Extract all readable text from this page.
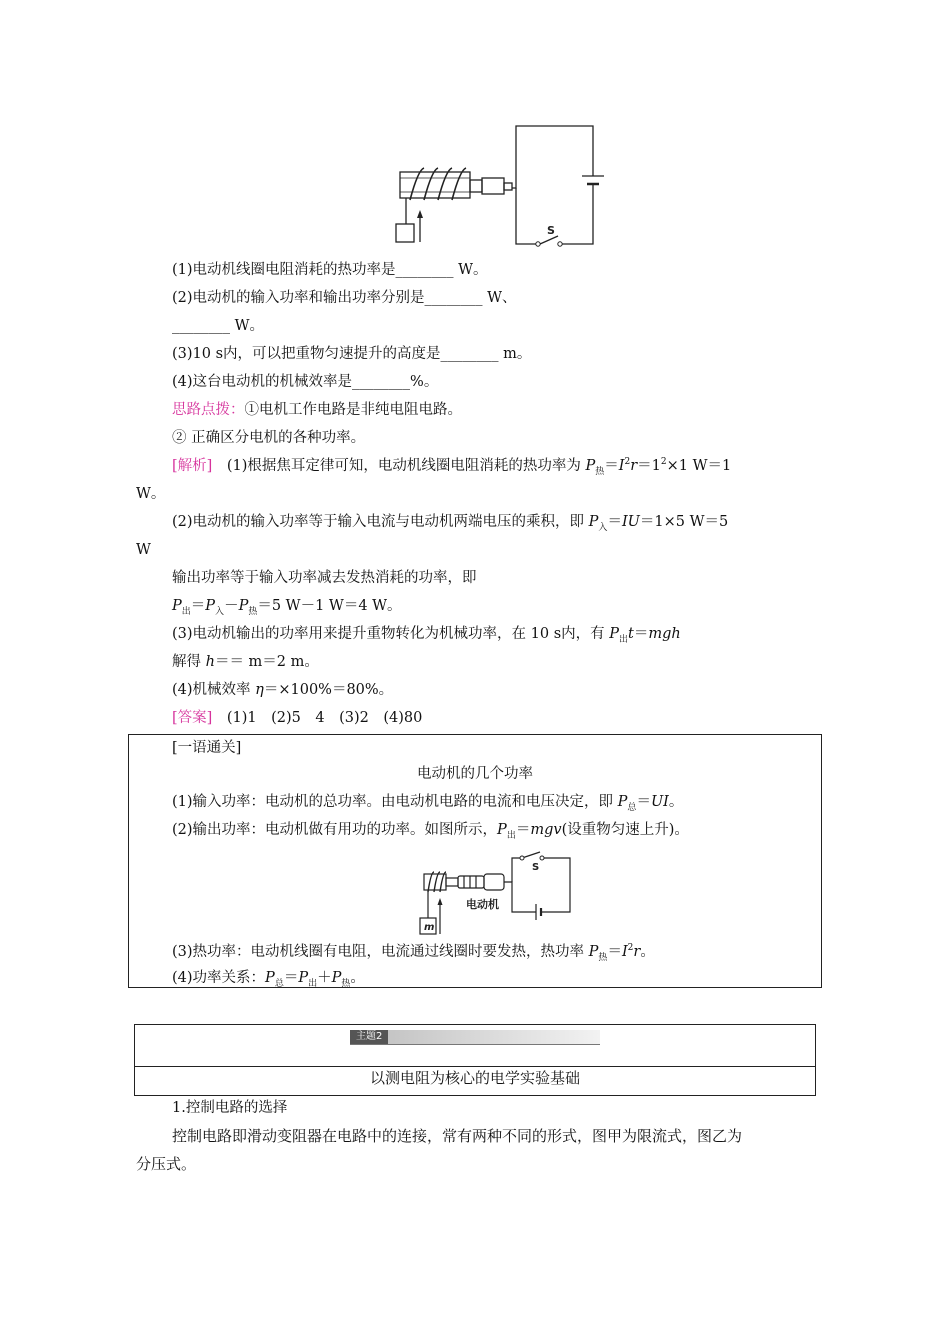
S
(1)电动机线圈电阻消耗的热功率是________ W。
(2)电动机的输入功率和输出功率分别是________ W、
________ W。
(3)10 s内，可以把重物匀速提升的高度是________ m。
(4)这台电动机的机械效率是________%。
思路点拨：①电机工作电路是非纯电阻电路。
② 正确区分电机的各种功率。
[解析]　(1)根据焦耳定律可知，电动机线圈电阻消耗的热功率为 $P_热=I^2r=1^2\times 1$ W＝1
W。
(2)电动机的输入功率等于输入电流与电动机两端电压的乘积，即 $P_入=IU=1\times 5$ W＝5
W
输出功率等于输入功率减去发热消耗的功率，即
$P_出=P_入-P_热=5$ W－1 W＝4 W。
(3)电动机输出的功率用来提升重物转化为机械功率，在 10 s内，有 $P_出t=mgh$
解得 h＝＝ m＝2 m。
(4)机械效率 η＝×100%＝80%。
[答案]　(1)1　(2)5　4　(3)2　(4)80
[一语通关]
电动机的几个功率
(1)输入功率：电动机的总功率。由电动机电路的电流和电压决定，即 $P_总=UI$。
(2)输出功率：电动机做有用功的功率。如图所示，$P_出=mgv$(设重物匀速上升)。
S
电动机
m
(3)热功率：电动机线圈有电阻，电流通过线圈时要发热，热功率 $P_热=I^2r$。
(4)功率关系：$P_总=P_出+P_热$。
主题2
以测电阻为核心的电学实验基础
1.控制电路的选择
控制电路即滑动变阻器在电路中的连接，常有两种不同的形式，图甲为限流式，图乙为
分压式。
